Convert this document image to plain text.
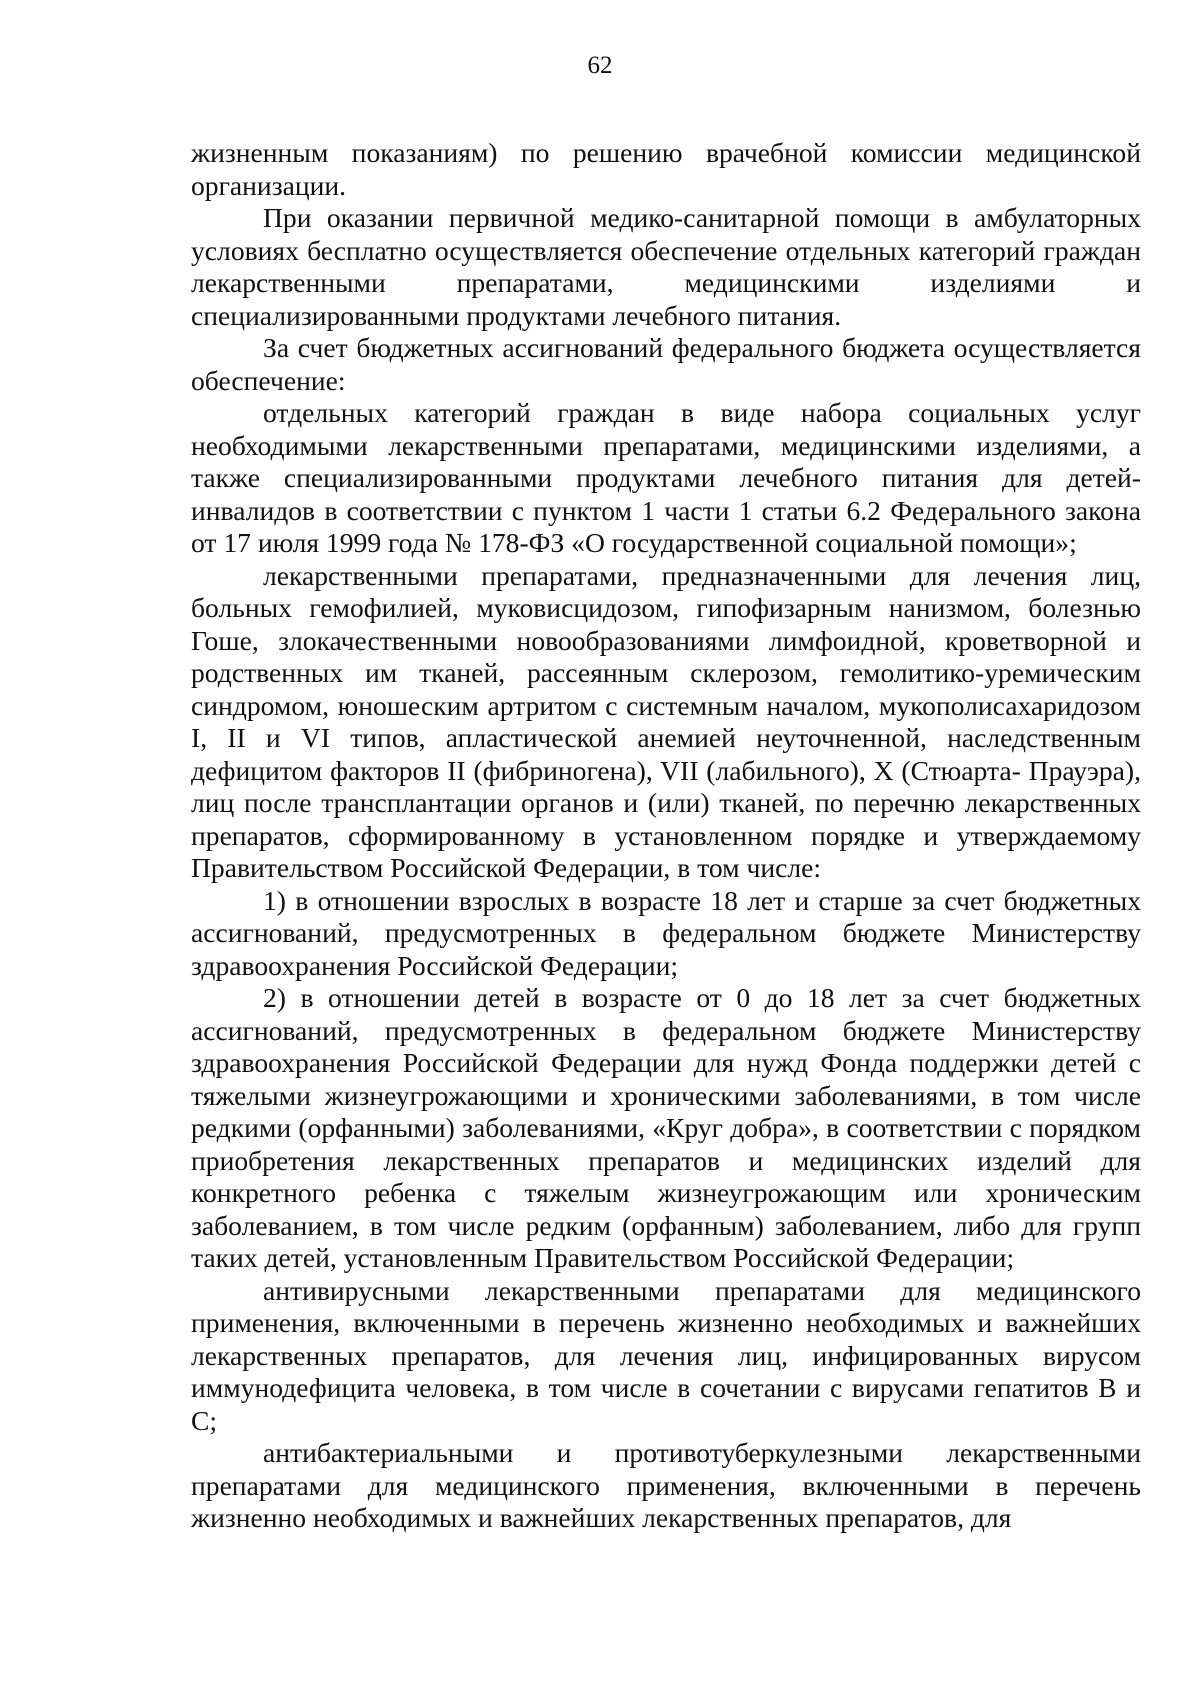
62

жизненным показаниям) по решению врачебной комиссии медицинской организации.

При оказании первичной медико-санитарной помощи в амбулаторных условиях бесплатно осуществляется обеспечение отдельных категорий граждан лекарственными препаратами, медицинскими изделиями и специализированными продуктами лечебного питания.

За счет бюджетных ассигнований федерального бюджета осуществляется обеспечение:

отдельных категорий граждан в виде набора социальных услуг необходимыми лекарственными препаратами, медицинскими изделиями, а также специализированными продуктами лечебного питания для детей-инвалидов в соответствии с пунктом 1 части 1 статьи 6.2 Федерального закона от 17 июля 1999 года № 178-ФЗ «О государственной социальной помощи»;

лекарственными препаратами, предназначенными для лечения лиц, больных гемофилией, муковисцидозом, гипофизарным нанизмом, болезнью Гоше, злокачественными новообразованиями лимфоидной, кроветворной и родственных им тканей, рассеянным склерозом, гемолитико-уремическим синдромом, юношеским артритом с системным началом, мукополисахаридозом I, II и VI типов, апластической анемией неуточненной, наследственным дефицитом факторов II (фибриногена), VII (лабильного), X (Стюарта- Прауэра), лиц после трансплантации органов и (или) тканей, по перечню лекарственных препаратов, сформированному в установленном порядке и утверждаемому Правительством Российской Федерации, в том числе:

1) в отношении взрослых в возрасте 18 лет и старше за счет бюджетных ассигнований, предусмотренных в федеральном бюджете Министерству здравоохранения Российской Федерации;

2) в отношении детей в возрасте от 0 до 18 лет за счет бюджетных ассигнований, предусмотренных в федеральном бюджете Министерству здравоохранения Российской Федерации для нужд Фонда поддержки детей с тяжелыми жизнеугрожающими и хроническими заболеваниями, в том числе редкими (орфанными) заболеваниями, «Круг добра», в соответствии с порядком приобретения лекарственных препаратов и медицинских изделий для конкретного ребенка с тяжелым жизнеугрожающим или хроническим заболеванием, в том числе редким (орфанным) заболеванием, либо для групп таких детей, установленным Правительством Российской Федерации;

антивирусными лекарственными препаратами для медицинского применения, включенными в перечень жизненно необходимых и важнейших лекарственных препаратов, для лечения лиц, инфицированных вирусом иммунодефицита человека, в том числе в сочетании с вирусами гепатитов B и C;

антибактериальными и противотуберкулезными лекарственными препаратами для медицинского применения, включенными в перечень жизненно необходимых и важнейших лекарственных препаратов, для
